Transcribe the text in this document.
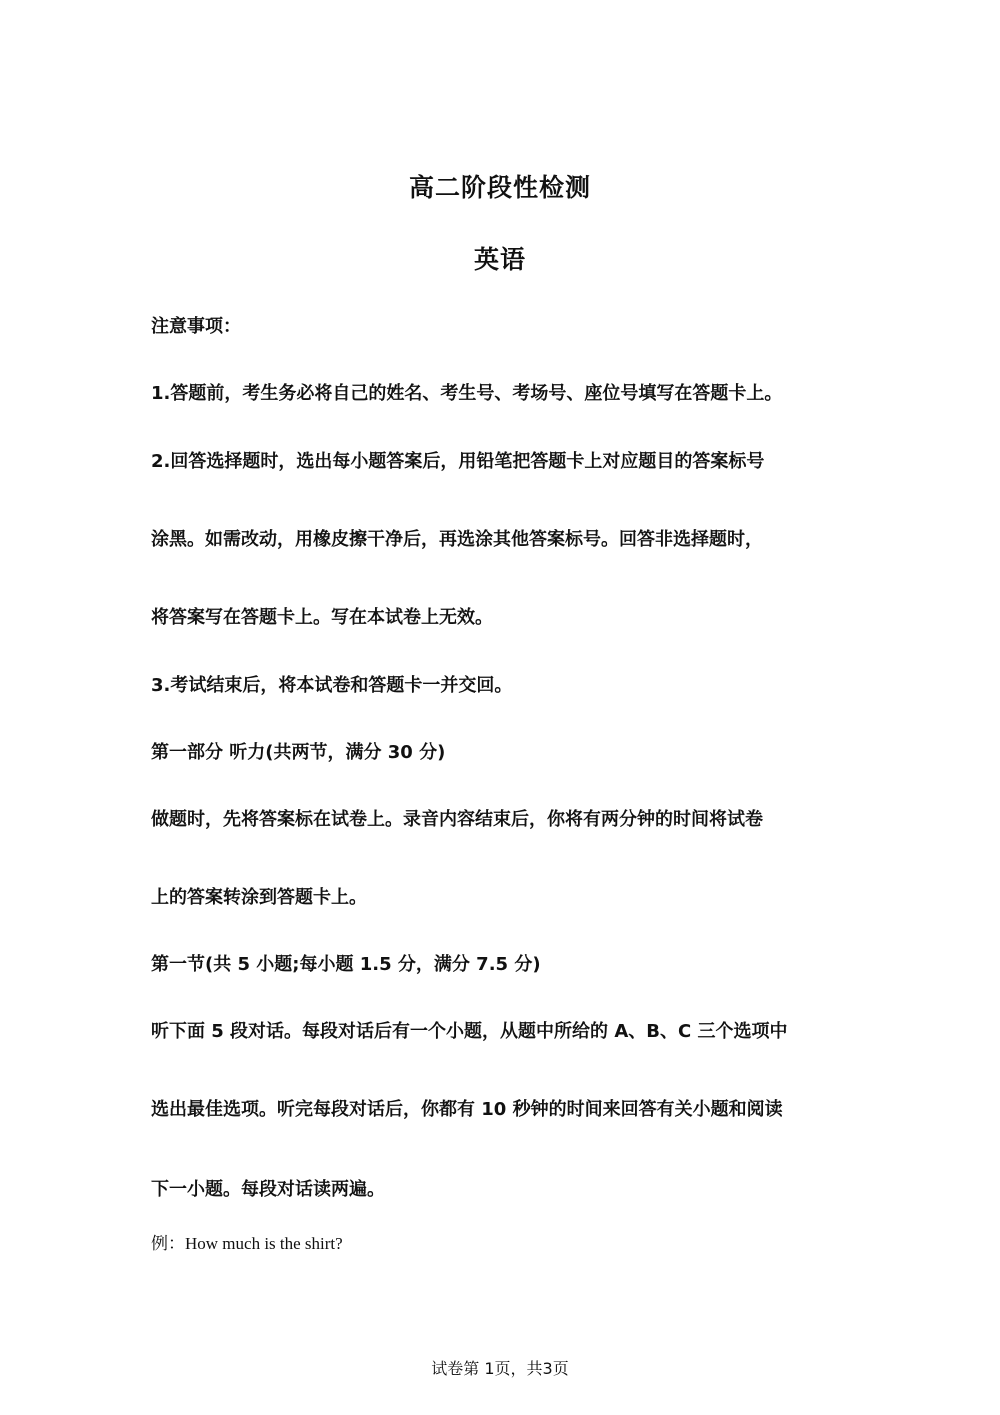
高二阶段性检测
英语

注意事项：

1.答题前，考生务必将自己的姓名、考生号、考场号、座位号填写在答题卡上。

2.回答选择题时，选出每小题答案后，用铅笔把答题卡上对应题目的答案标号

涂黑。如需改动，用橡皮擦干净后，再选涂其他答案标号。回答非选择题时，

将答案写在答题卡上。写在本试卷上无效。

3.考试结束后，将本试卷和答题卡一并交回。

第一部分 听力(共两节，满分 30 分)

做题时，先将答案标在试卷上。录音内容结束后，你将有两分钟的时间将试卷

上的答案转涂到答题卡上。

第一节(共 5 小题;每小题 1.5 分，满分 7.5 分)

听下面 5 段对话。每段对话后有一个小题，从题中所给的 A、B、C 三个选项中

选出最佳选项。听完每段对话后，你都有 10 秒钟的时间来回答有关小题和阅读

下一小题。每段对话读两遍。

例：How much is the shirt?

试卷第 1页，共3页
